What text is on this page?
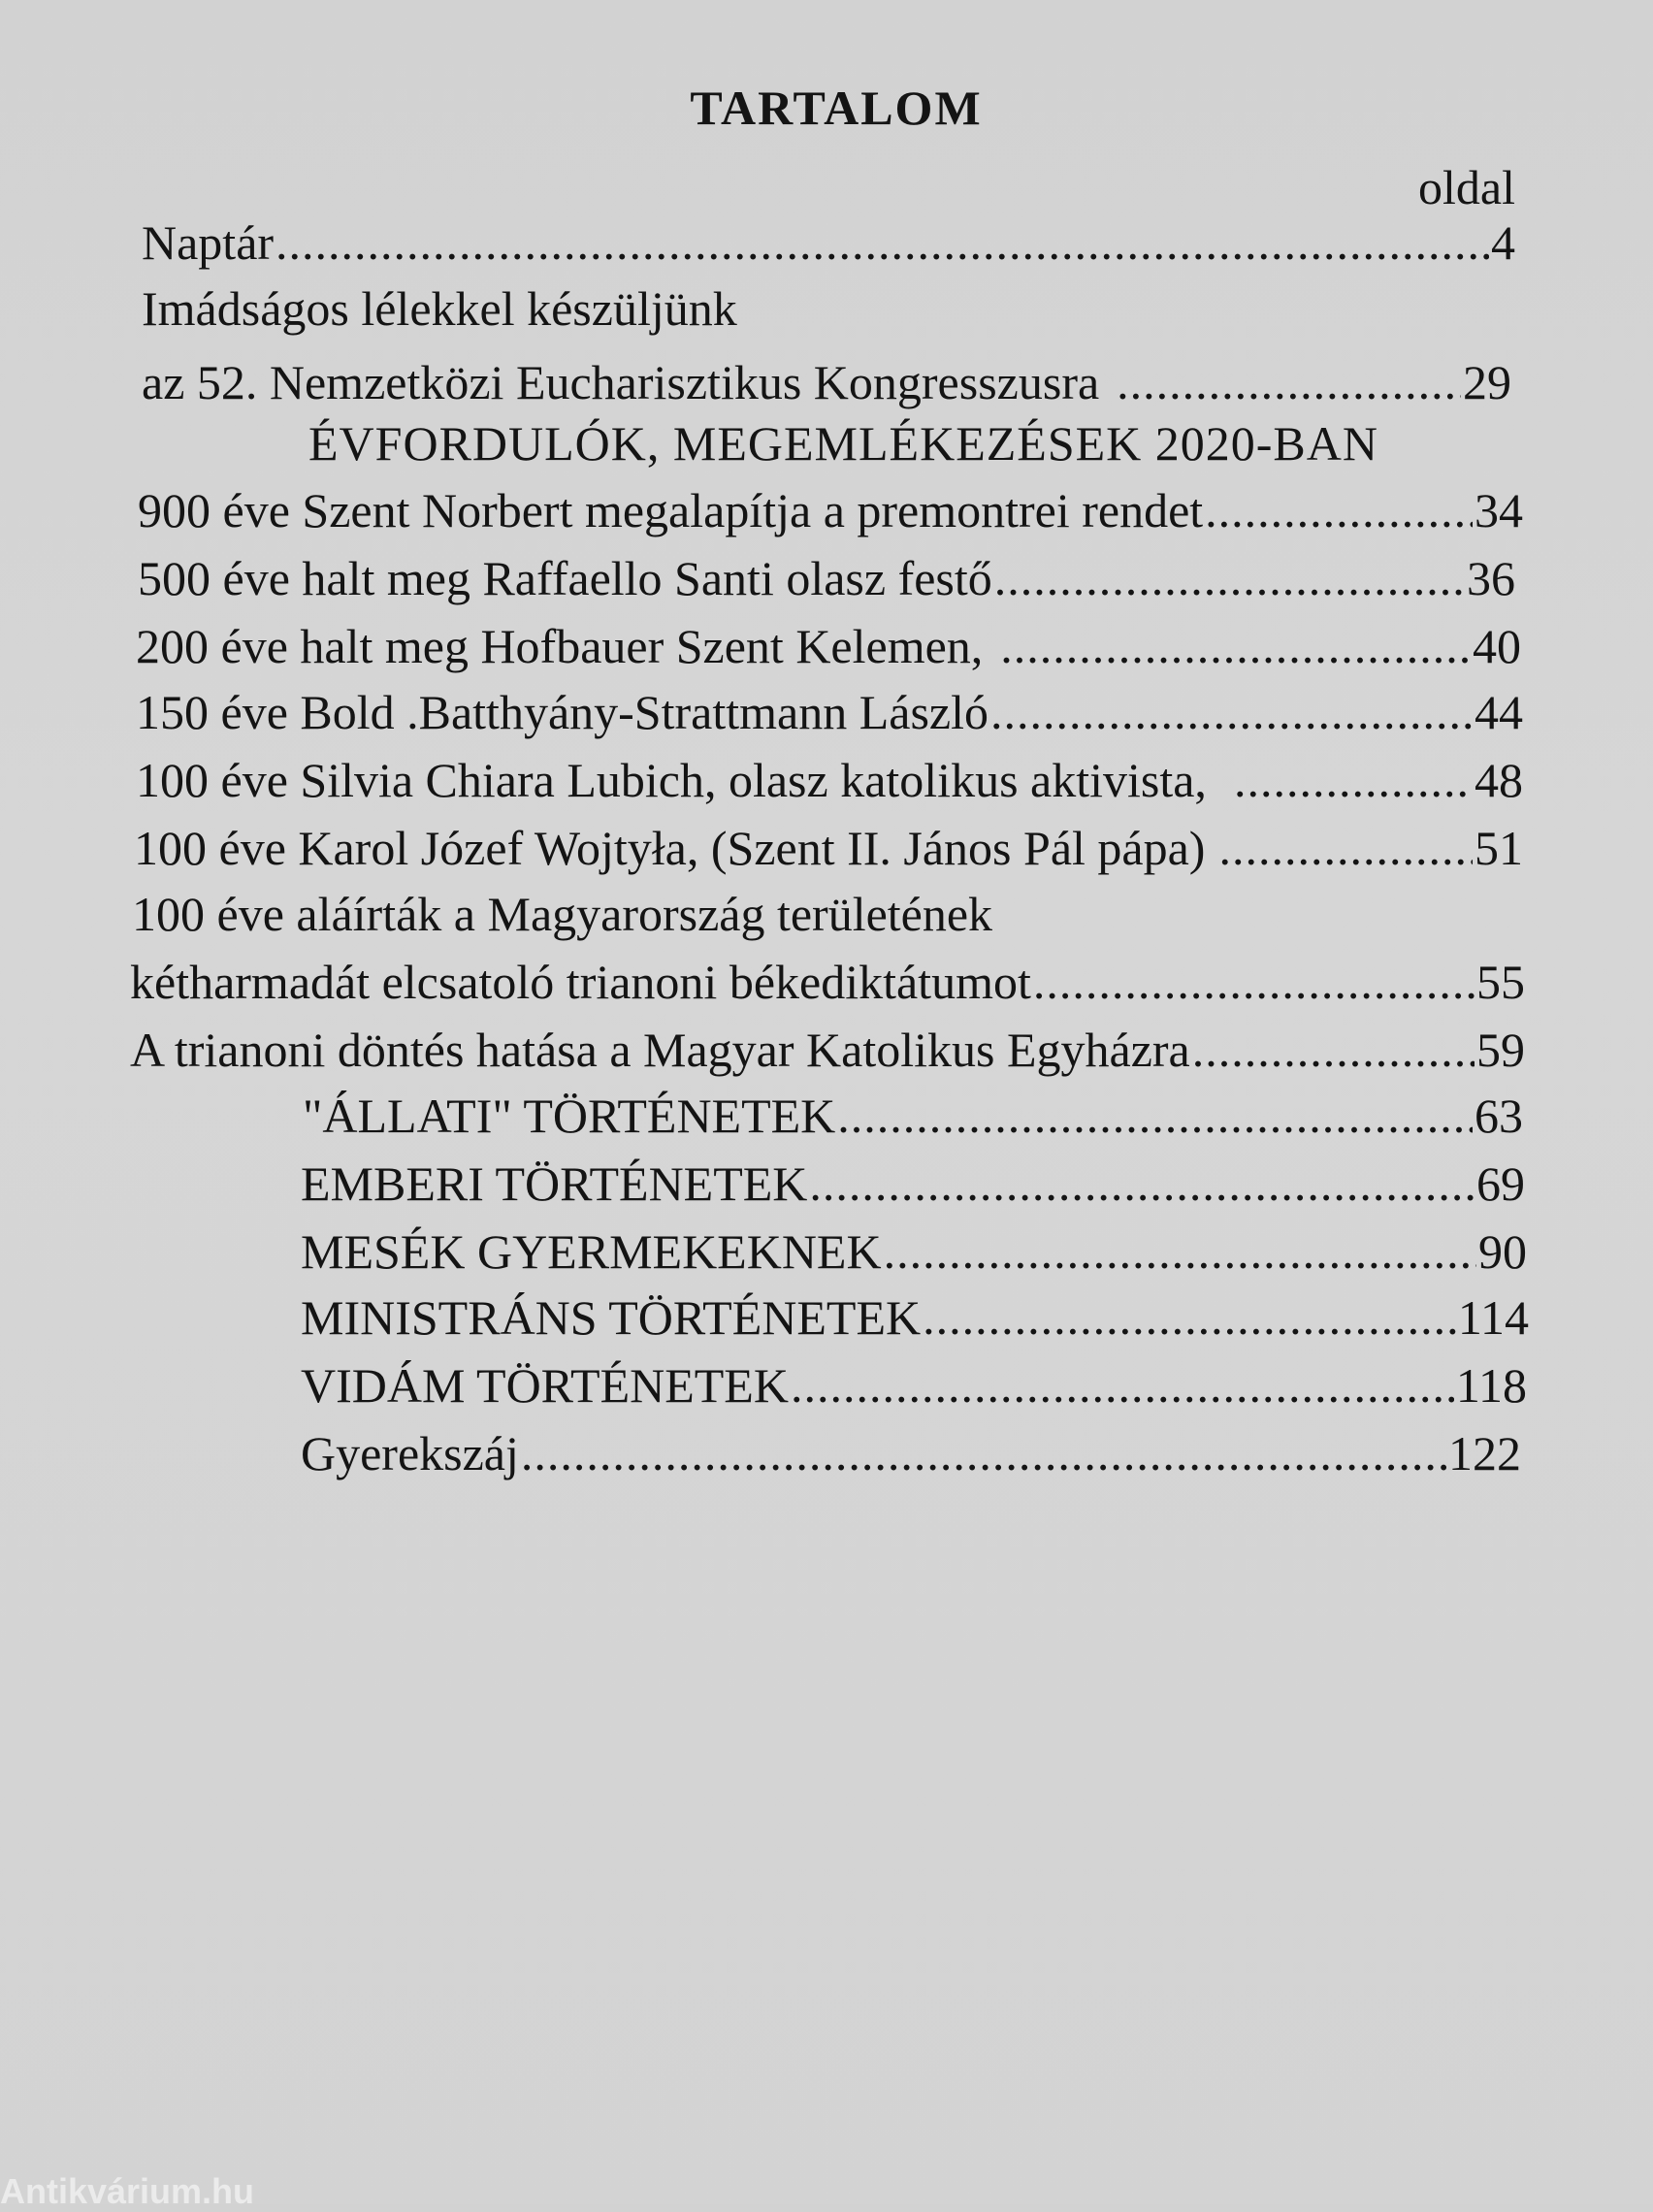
TARTALOM
oldal
Naptár .....	4
Imádságos lélekkel készüljünk
az 52. Nemzetközi Eucharisztikus Kongresszusra .....	29
ÉVFORDULÓK, MEGEMLÉKEZÉSEK 2020-BAN
900 éve Szent Norbert megalapítja a premontrei rendet .....	34
500 éve halt meg Raffaello Santi olasz festő .....	36
200 éve halt meg Hofbauer Szent Kelemen, .....	40
150 éve Bold .Batthyány-Strattmann László .....	44
100 éve Silvia Chiara Lubich, olasz katolikus aktivista, .....	48
100 éve Karol Józef Wojtyła, (Szent II. János Pál pápa) .....	51
100 éve aláírták a Magyarország területének
kétharmadát elcsatoló trianoni békediktátumot .....	55
A trianoni döntés hatása a Magyar Katolikus Egyházra .....	59
"ÁLLATI" TÖRTÉNETEK .....	63
EMBERI TÖRTÉNETEK .....	69
MESÉK GYERMEKEKNEK .....	90
MINISTRÁNS TÖRTÉNETEK .....	114
VIDÁM TÖRTÉNETEK .....	118
Gyerekszáj .....	122
Antikvárium.hu
